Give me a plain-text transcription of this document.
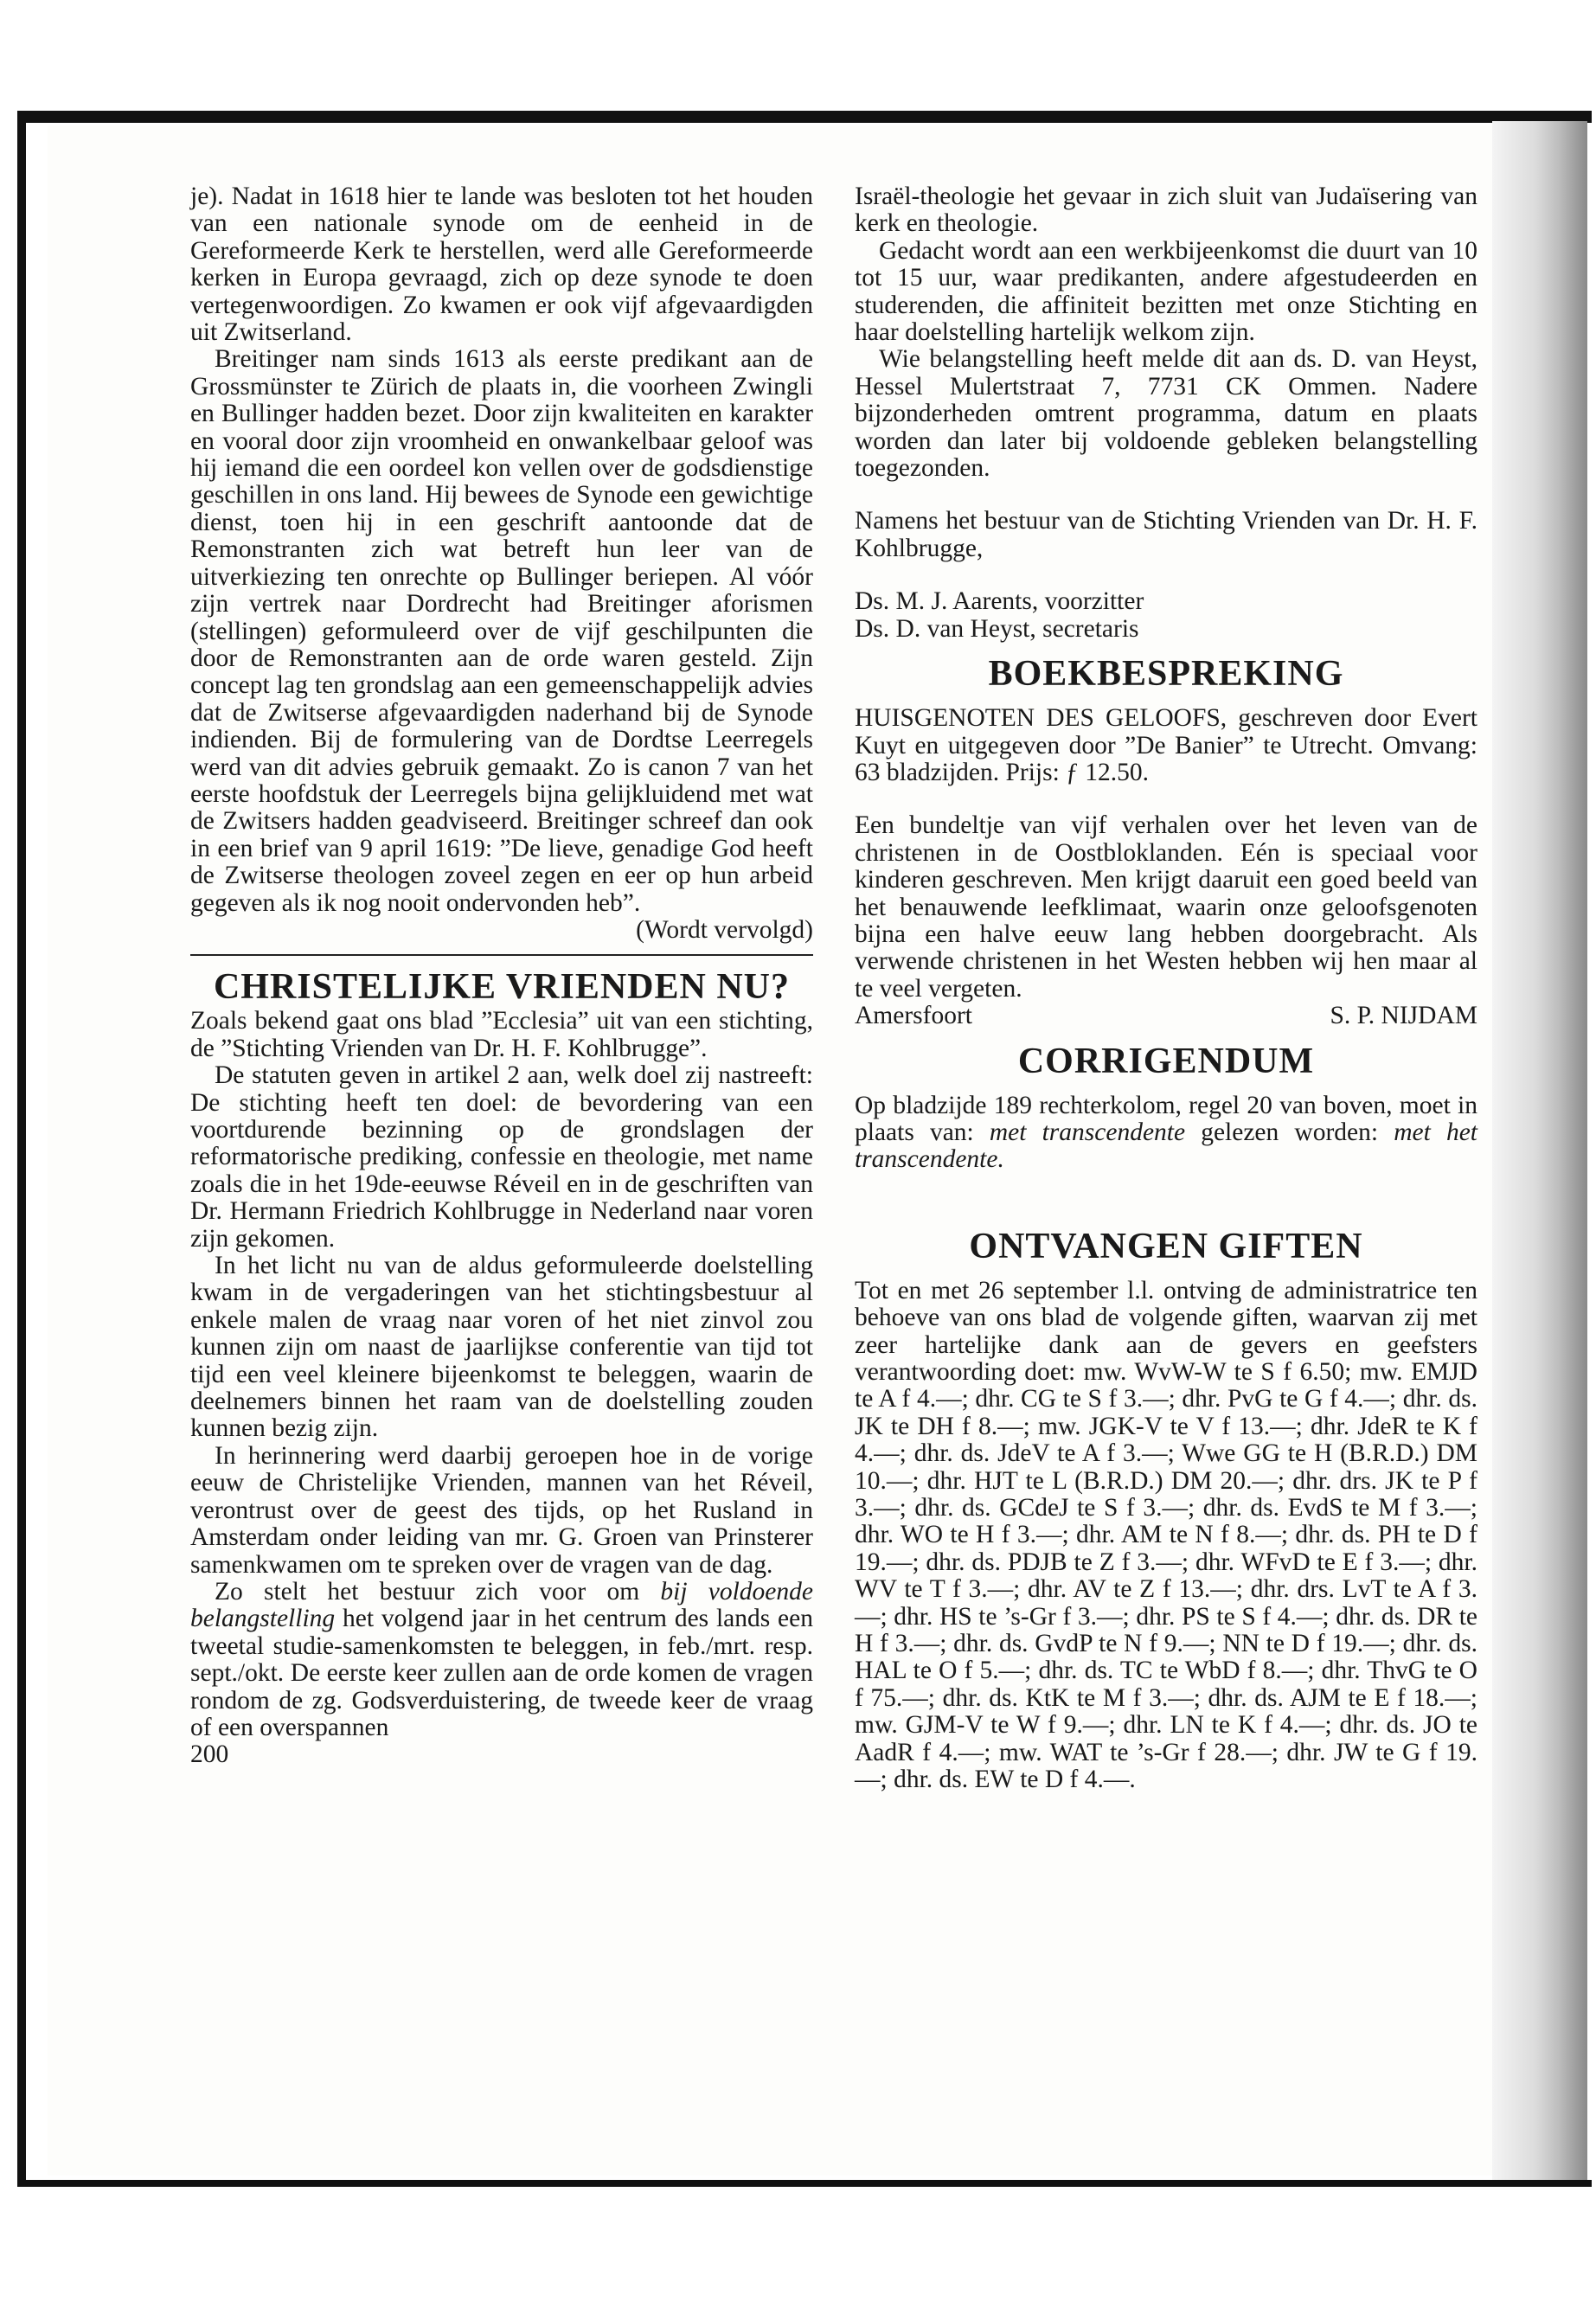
je). Nadat in 1618 hier te lande was besloten tot het houden van een nationale synode om de eenheid in de Gereformeerde Kerk te herstellen, werd alle Gereformeerde kerken in Europa gevraagd, zich op deze synode te doen vertegenwoordigen. Zo kwamen er ook vijf afgevaardigden uit Zwitserland.

Breitinger nam sinds 1613 als eerste predikant aan de Grossmünster te Zürich de plaats in, die voorheen Zwingli en Bullinger hadden bezet. Door zijn kwaliteiten en karakter en vooral door zijn vroomheid en onwankelbaar geloof was hij iemand die een oordeel kon vellen over de godsdienstige geschillen in ons land. Hij bewees de Synode een gewichtige dienst, toen hij in een geschrift aantoonde dat de Remonstranten zich wat betreft hun leer van de uitverkiezing ten onrechte op Bullinger beriepen. Al vóór zijn vertrek naar Dordrecht had Breitinger aforismen (stellingen) geformuleerd over de vijf geschilpunten die door de Remonstranten aan de orde waren gesteld. Zijn concept lag ten grondslag aan een gemeenschappelijk advies dat de Zwitserse afgevaardigden naderhand bij de Synode indienden. Bij de formulering van de Dordtse Leerregels werd van dit advies gebruik gemaakt. Zo is canon 7 van het eerste hoofdstuk der Leerregels bijna gelijkluidend met wat de Zwitsers hadden geadviseerd. Breitinger schreef dan ook in een brief van 9 april 1619: ”De lieve, genadige God heeft de Zwitserse theologen zoveel zegen en eer op hun arbeid gegeven als ik nog nooit ondervonden heb”.

(Wordt vervolgd)

CHRISTELIJKE VRIENDEN NU?

Zoals bekend gaat ons blad ”Ecclesia” uit van een stichting, de ”Stichting Vrienden van Dr. H. F. Kohlbrugge”.

De statuten geven in artikel 2 aan, welk doel zij nastreeft: De stichting heeft ten doel: de bevordering van een voortdurende bezinning op de grondslagen der reformatorische prediking, confessie en theologie, met name zoals die in het 19de-eeuwse Réveil en in de geschriften van Dr. Hermann Friedrich Kohlbrugge in Nederland naar voren zijn gekomen.

In het licht nu van de aldus geformuleerde doelstelling kwam in de vergaderingen van het stichtingsbestuur al enkele malen de vraag naar voren of het niet zinvol zou kunnen zijn om naast de jaarlijkse conferentie van tijd tot tijd een veel kleinere bijeenkomst te beleggen, waarin de deelnemers binnen het raam van de doelstelling zouden kunnen bezig zijn.

In herinnering werd daarbij geroepen hoe in de vorige eeuw de Christelijke Vrienden, mannen van het Réveil, verontrust over de geest des tijds, op het Rusland in Amsterdam onder leiding van mr. G. Groen van Prinsterer samenkwamen om te spreken over de vragen van de dag.

Zo stelt het bestuur zich voor om bij voldoende belangstelling het volgend jaar in het centrum des lands een tweetal studie-samenkomsten te beleggen, in feb./mrt. resp. sept./okt. De eerste keer zullen aan de orde komen de vragen rondom de zg. Godsverduistering, de tweede keer de vraag of een overspannen

200

Israël-theologie het gevaar in zich sluit van Judaïsering van kerk en theologie.

Gedacht wordt aan een werkbijeenkomst die duurt van 10 tot 15 uur, waar predikanten, andere afgestudeerden en studerenden, die affiniteit bezitten met onze Stichting en haar doelstelling hartelijk welkom zijn.

Wie belangstelling heeft melde dit aan ds. D. van Heyst, Hessel Mulertstraat 7, 7731 CK Ommen. Nadere bijzonderheden omtrent programma, datum en plaats worden dan later bij voldoende gebleken belangstelling toegezonden.

Namens het bestuur van de Stichting Vrienden van Dr. H. F. Kohlbrugge,

Ds. M. J. Aarents, voorzitter

Ds. D. van Heyst, secretaris

BOEKBESPREKING

HUISGENOTEN DES GELOOFS, geschreven door Evert Kuyt en uitgegeven door ”De Banier” te Utrecht. Omvang: 63 bladzijden. Prijs: ƒ 12.50.

Een bundeltje van vijf verhalen over het leven van de christenen in de Oostbloklanden. Eén is speciaal voor kinderen geschreven. Men krijgt daaruit een goed beeld van het benauwende leefklimaat, waarin onze geloofsgenoten bijna een halve eeuw lang hebben doorgebracht. Als verwende christenen in het Westen hebben wij hen maar al te veel vergeten.

Amersfoort	S. P. NIJDAM
CORRIGENDUM

Op bladzijde 189 rechterkolom, regel 20 van boven, moet in plaats van: met transcendente gelezen worden: met het transcendente.

ONTVANGEN GIFTEN

Tot en met 26 september l.l. ontving de administratrice ten behoeve van ons blad de volgende giften, waarvan zij met zeer hartelijke dank aan de gevers en geefsters verantwoording doet: mw. WvW-W te S f 6.50; mw. EMJD te A f 4.—; dhr. CG te S f 3.—; dhr. PvG te G f 4.—; dhr. ds. JK te DH f 8.—; mw. JGK-V te V f 13.—; dhr. JdeR te K f 4.—; dhr. ds. JdeV te A f 3.—; Wwe GG te H (B.R.D.) DM 10.—; dhr. HJT te L (B.R.D.) DM 20.—; dhr. drs. JK te P f 3.—; dhr. ds. GCdeJ te S f 3.—; dhr. ds. EvdS te M f 3.—; dhr. WO te H f 3.—; dhr. AM te N f 8.—; dhr. ds. PH te D f 19.—; dhr. ds. PDJB te Z f 3.—; dhr. WFvD te E f 3.—; dhr. WV te T f 3.—; dhr. AV te Z f 13.—; dhr. drs. LvT te A f 3.—; dhr. HS te ’s-Gr f 3.—; dhr. PS te S f 4.—; dhr. ds. DR te H f 3.—; dhr. ds. GvdP te N f 9.—; NN te D f 19.—; dhr. ds. HAL te O f 5.—; dhr. ds. TC te WbD f 8.—; dhr. ThvG te O f 75.—; dhr. ds. KtK te M f 3.—; dhr. ds. AJM te E f 18.—; mw. GJM-V te W f 9.—; dhr. LN te K f 4.—; dhr. ds. JO te AadR f 4.—; mw. WAT te ’s-Gr f 28.—; dhr. JW te G f 19.—; dhr. ds. EW te D f 4.—.
